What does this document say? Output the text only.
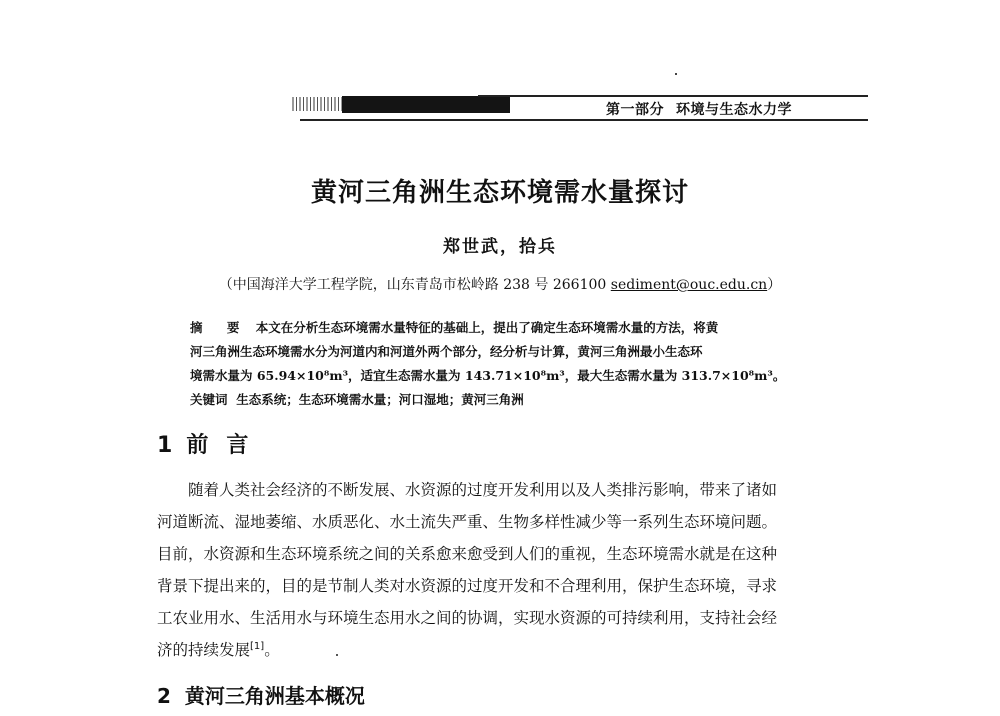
第一部分 环境与生态水力学
黄河三角洲生态环境需水量探讨
郑世武，拾兵
（中国海洋大学工程学院，山东青岛市松岭路 238 号 266100 sediment@ouc.edu.cn）
摘 要 本文在分析生态环境需水量特征的基础上，提出了确定生态环境需水量的方法，将黄
河三角洲生态环境需水分为河道内和河道外两个部分，经分析与计算，黄河三角洲最小生态环
境需水量为 65.94×10⁸m³，适宜生态需水量为 143.71×10⁸m³，最大生态需水量为 313.7×10⁸m³。
关键词 生态系统；生态环境需水量；河口湿地；黄河三角洲
1 前言
随着人类社会经济的不断发展、水资源的过度开发利用以及人类排污影响，带来了诸如
河道断流、湿地萎缩、水质恶化、水土流失严重、生物多样性减少等一系列生态环境问题。
目前，水资源和生态环境系统之间的关系愈来愈受到人们的重视，生态环境需水就是在这种
背景下提出来的，目的是节制人类对水资源的过度开发和不合理利用，保护生态环境，寻求
工农业用水、生活用水与环境生态用水之间的协调，实现水资源的可持续利用，支持社会经
济的持续发展[1]。
2 黄河三角洲基本概况
